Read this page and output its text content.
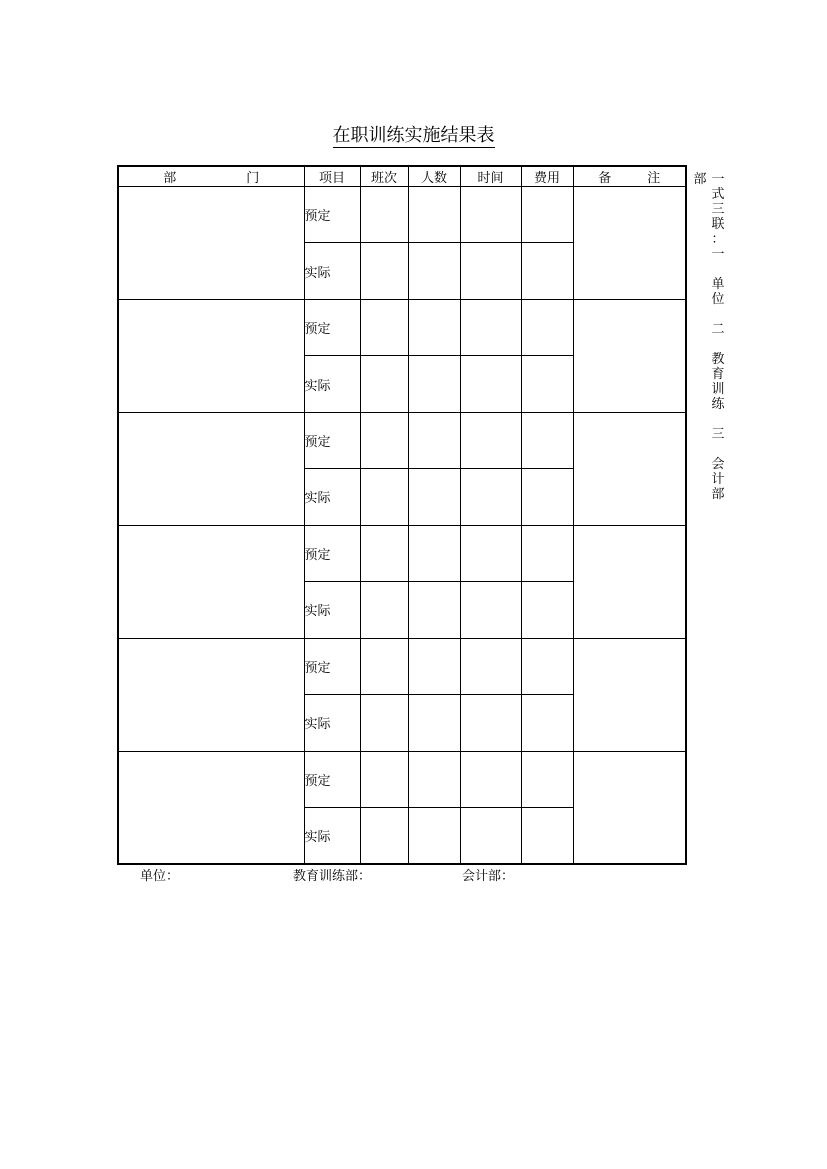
在职训练实施结果表
部 门	项目	班次	人数	时间	费用	备 注
	预定					
	实际					
	预定					
	实际					
	预定					
	实际					
	预定					
	实际					
	预定					
	实际					
	预定					
	实际					
部 一
式
三
联
：
一
单
位
二
教
育
训
练
三
会
计
部
单位：	教育训练部：	会计部：
